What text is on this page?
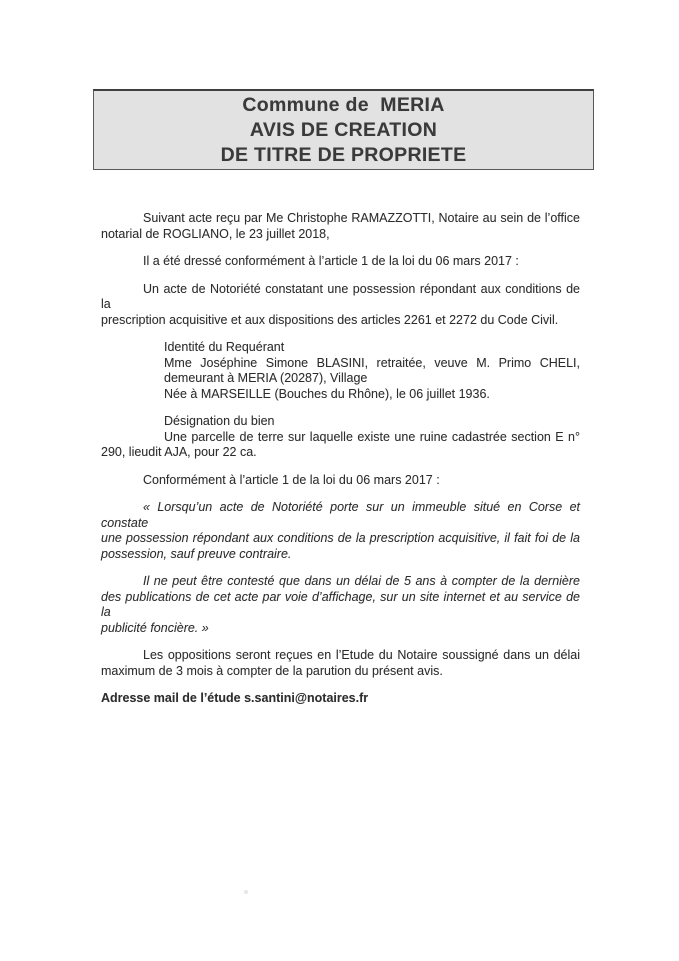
Commune de  MERIA
AVIS DE CREATION
DE TITRE DE PROPRIETE
Suivant acte reçu par Me Christophe RAMAZZOTTI, Notaire au sein de l’office
notarial de ROGLIANO, le 23 juillet 2018,
Il a été dressé conformément à l’article 1 de la loi du 06 mars 2017 :
Un acte de Notoriété constatant une possession répondant aux conditions de la
prescription acquisitive et aux dispositions des articles 2261 et 2272 du Code Civil.
Identité du Requérant
Mme Joséphine Simone BLASINI, retraitée, veuve M. Primo CHELI,
demeurant à MERIA (20287), Village
Née à MARSEILLE (Bouches du Rhône), le 06 juillet 1936.
Désignation du bien
Une parcelle de terre sur laquelle existe une ruine cadastrée section E n°
290, lieudit AJA, pour 22 ca.
Conformément à l’article 1 de la loi du 06 mars 2017 :
« Lorsqu’un acte de Notoriété porte sur un immeuble situé en Corse et constate
une possession répondant aux conditions de la prescription acquisitive, il fait foi de la
possession, sauf preuve contraire.
Il ne peut être contesté que dans un délai de 5 ans à compter de la dernière
des publications de cet acte par voie d’affichage, sur un site internet et au service de la
publicité foncière. »
Les oppositions seront reçues en l’Etude du Notaire soussigné dans un délai
maximum de 3 mois à compter de la parution du présent avis.
Adresse mail de l’étude s.santini@notaires.fr
